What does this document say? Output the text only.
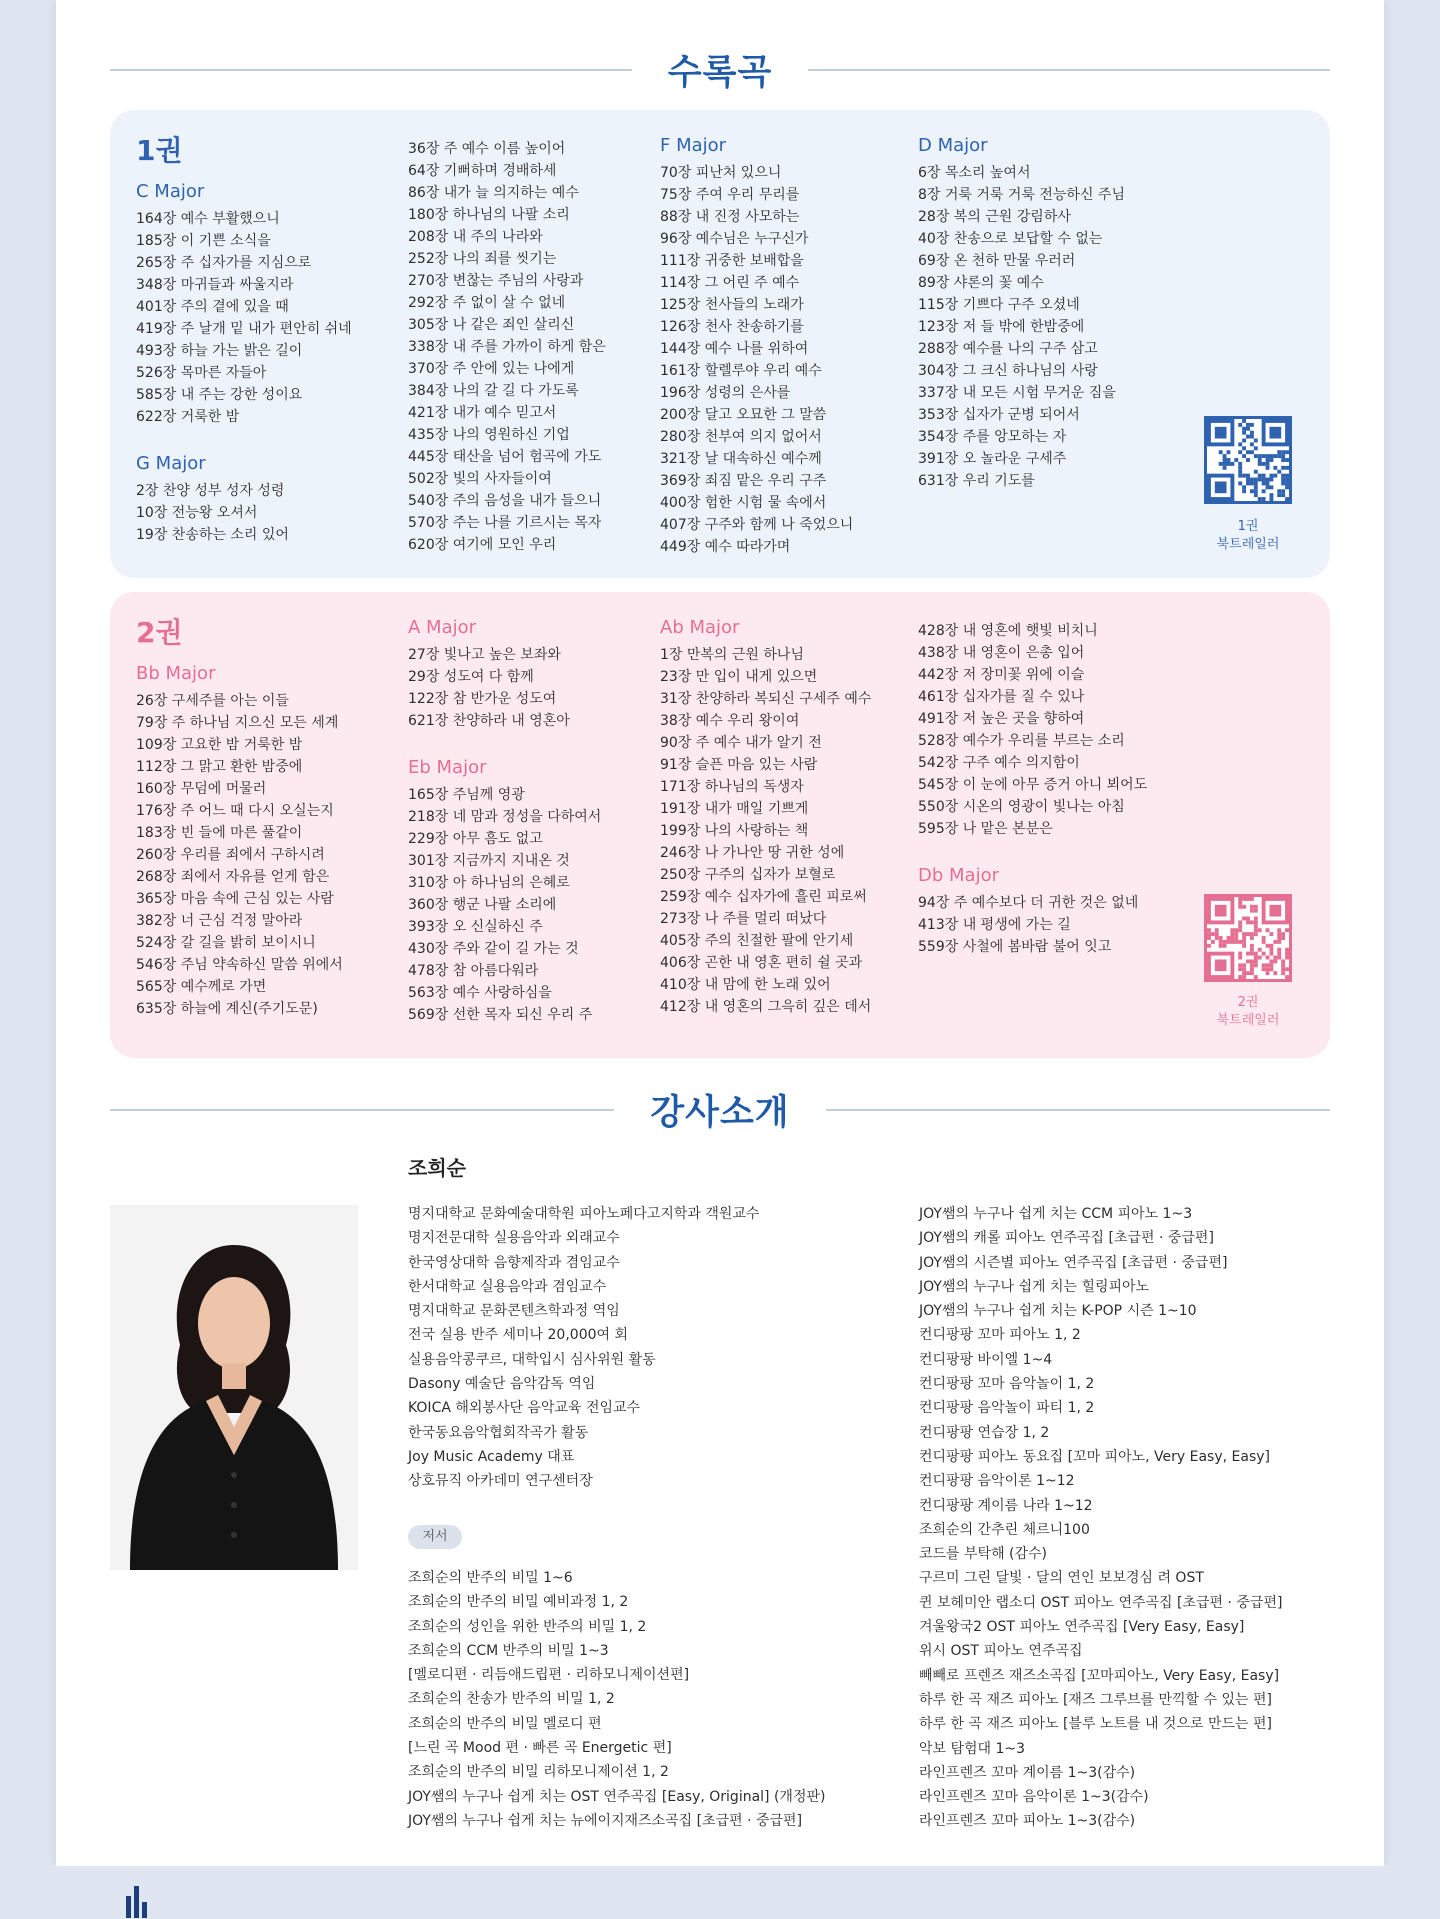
수록곡
1권
C Major
164장 예수 부활했으니
185장 이 기쁜 소식을
265장 주 십자가를 지심으로
348장 마귀들과 싸울지라
401장 주의 곁에 있을 때
419장 주 날개 밑 내가 편안히 쉬네
493장 하늘 가는 밝은 길이
526장 목마른 자들아
585장 내 주는 강한 성이요
622장 거룩한 밤
G Major
2장 찬양 성부 성자 성령
10장 전능왕 오셔서
19장 찬송하는 소리 있어
36장 주 예수 이름 높이어
64장 기뻐하며 경배하세
86장 내가 늘 의지하는 예수
180장 하나님의 나팔 소리
208장 내 주의 나라와
252장 나의 죄를 씻기는
270장 변찮는 주님의 사랑과
292장 주 없이 살 수 없네
305장 나 같은 죄인 살리신
338장 내 주를 가까이 하게 함은
370장 주 안에 있는 나에게
384장 나의 갈 길 다 가도록
421장 내가 예수 믿고서
435장 나의 영원하신 기업
445장 태산을 넘어 험곡에 가도
502장 빛의 사자들이여
540장 주의 음성을 내가 들으니
570장 주는 나를 기르시는 목자
620장 여기에 모인 우리
F Major
70장 피난처 있으니
75장 주여 우리 무리를
88장 내 진정 사모하는
96장 예수님은 누구신가
111장 귀중한 보배합을
114장 그 어린 주 예수
125장 천사들의 노래가
126장 천사 찬송하기를
144장 예수 나를 위하여
161장 할렐루야 우리 예수
196장 성령의 은사를
200장 달고 오묘한 그 말씀
280장 천부여 의지 없어서
321장 날 대속하신 예수께
369장 죄짐 맡은 우리 구주
400장 험한 시험 물 속에서
407장 구주와 함께 나 죽었으니
449장 예수 따라가며
D Major
6장 목소리 높여서
8장 거룩 거룩 거룩 전능하신 주님
28장 복의 근원 강림하사
40장 찬송으로 보답할 수 없는
69장 온 천하 만물 우러러
89장 샤론의 꽃 예수
115장 기쁘다 구주 오셨네
123장 저 들 밖에 한밤중에
288장 예수를 나의 구주 삼고
304장 그 크신 하나님의 사랑
337장 내 모든 시험 무거운 짐을
353장 십자가 군병 되어서
354장 주를 앙모하는 자
391장 오 놀라운 구세주
631장 우리 기도를
1권
북트레일러
2권
Bb Major
26장 구세주를 아는 이들
79장 주 하나님 지으신 모든 세계
109장 고요한 밤 거룩한 밤
112장 그 맑고 환한 밤중에
160장 무덤에 머물러
176장 주 어느 때 다시 오실는지
183장 빈 들에 마른 풀같이
260장 우리를 죄에서 구하시려
268장 죄에서 자유를 얻게 함은
365장 마음 속에 근심 있는 사람
382장 너 근심 걱정 말아라
524장 갈 길을 밝히 보이시니
546장 주님 약속하신 말씀 위에서
565장 예수께로 가면
635장 하늘에 계신(주기도문)
A Major
27장 빛나고 높은 보좌와
29장 성도여 다 함께
122장 참 반가운 성도여
621장 찬양하라 내 영혼아
Eb Major
165장 주님께 영광
218장 네 맘과 정성을 다하여서
229장 아무 흠도 없고
301장 지금까지 지내온 것
310장 아 하나님의 은혜로
360장 행군 나팔 소리에
393장 오 신실하신 주
430장 주와 같이 길 가는 것
478장 참 아름다워라
563장 예수 사랑하심을
569장 선한 목자 되신 우리 주
Ab Major
1장 만복의 근원 하나님
23장 만 입이 내게 있으면
31장 찬양하라 복되신 구세주 예수
38장 예수 우리 왕이여
90장 주 예수 내가 알기 전
91장 슬픈 마음 있는 사람
171장 하나님의 독생자
191장 내가 매일 기쁘게
199장 나의 사랑하는 책
246장 나 가나안 땅 귀한 성에
250장 구주의 십자가 보혈로
259장 예수 십자가에 흘린 피로써
273장 나 주를 멀리 떠났다
405장 주의 친절한 팔에 안기세
406장 곤한 내 영혼 편히 쉴 곳과
410장 내 맘에 한 노래 있어
412장 내 영혼의 그윽히 깊은 데서
428장 내 영혼에 햇빛 비치니
438장 내 영혼이 은총 입어
442장 저 장미꽃 위에 이슬
461장 십자가를 질 수 있나
491장 저 높은 곳을 향하여
528장 예수가 우리를 부르는 소리
542장 구주 예수 의지함이
545장 이 눈에 아무 증거 아니 뵈어도
550장 시온의 영광이 빛나는 아침
595장 나 맡은 본분은
Db Major
94장 주 예수보다 더 귀한 것은 없네
413장 내 평생에 가는 길
559장 사철에 봄바람 불어 잇고
2권
북트레일러
강사소개
조희순
명지대학교 문화예술대학원 피아노페다고지학과 객원교수
명지전문대학 실용음악과 외래교수
한국영상대학 음향제작과 겸임교수
한서대학교 실용음악과 겸임교수
명지대학교 문화콘텐츠학과정 역임
전국 실용 반주 세미나 20,000여 회
실용음악콩쿠르, 대학입시 심사위원 활동
Dasony 예술단 음악감독 역임
KOICA 해외봉사단 음악교육 전임교수
한국동요음악협회작곡가 활동
Joy Music Academy 대표
상호뮤직 아카데미 연구센터장
저서
조희순의 반주의 비밀 1~6
조희순의 반주의 비밀 예비과정 1, 2
조희순의 성인을 위한 반주의 비밀 1, 2
조희순의 CCM 반주의 비밀 1~3
[멜로디편 · 리듬애드립편 · 리하모니제이션편]
조희순의 찬송가 반주의 비밀 1, 2
조희순의 반주의 비밀 멜로디 편
[느린 곡 Mood 편 · 빠른 곡 Energetic 편]
조희순의 반주의 비밀 리하모니제이션 1, 2
JOY쌤의 누구나 쉽게 치는 OST 연주곡집 [Easy, Original] (개정판)
JOY쌤의 누구나 쉽게 치는 뉴에이지재즈소곡집 [초급편 · 중급편]
JOY쌤의 누구나 쉽게 치는 CCM 피아노 1~3
JOY쌤의 캐롤 피아노 연주곡집 [초급편 · 중급편]
JOY쌤의 시즌별 피아노 연주곡집 [초급편 · 중급편]
JOY쌤의 누구나 쉽게 치는 힐링피아노
JOY쌤의 누구나 쉽게 치는 K-POP 시즌 1~10
컨디팡팡 꼬마 피아노 1, 2
컨디팡팡 바이엘 1~4
컨디팡팡 꼬마 음악놀이 1, 2
컨디팡팡 음악놀이 파티 1, 2
컨디팡팡 연습장 1, 2
컨디팡팡 피아노 동요집 [꼬마 피아노, Very Easy, Easy]
컨디팡팡 음악이론 1~12
컨디팡팡 계이름 나라 1~12
조희순의 간추린 체르니100
코드를 부탁해 (감수)
구르미 그린 달빛 · 달의 연인 보보경심 려 OST
퀸 보헤미안 랩소디 OST 피아노 연주곡집 [초급편 · 중급편]
겨울왕국2 OST 피아노 연주곡집 [Very Easy, Easy]
위시 OST 피아노 연주곡집
빼빼로 프렌즈 재즈소곡집 [꼬마피아노, Very Easy, Easy]
하루 한 곡 재즈 피아노 [재즈 그루브를 만끽할 수 있는 편]
하루 한 곡 재즈 피아노 [블루 노트를 내 것으로 만드는 편]
악보 탐험대 1~3
라인프렌즈 꼬마 계이름 1~3(감수)
라인프렌즈 꼬마 음악이론 1~3(감수)
라인프렌즈 꼬마 피아노 1~3(감수)
